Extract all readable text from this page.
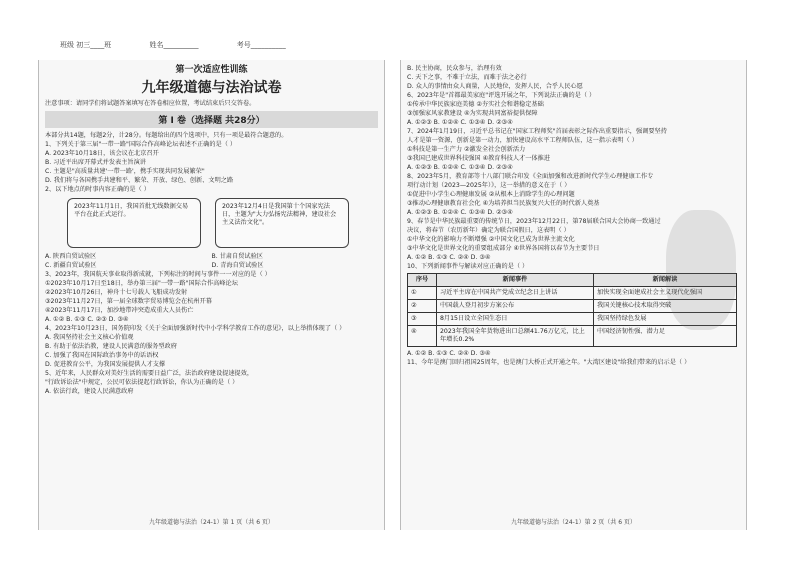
班级 初三____班	姓名__________	考号__________
第一次适应性训练
九年级道德与法治试卷
注意事项：请同学们将试题答案填写在答卷相应位置，考试结束后只交答卷。
第 Ⅰ 卷（选择题 共28分）
本部分共14题，每题2分，计28分。每题给出的四个选项中，只有一项是最符合题意的。
1、下列关于第三届"一带一路"国际合作高峰论坛表述不正确的是（ ）
A. 2023年10月18日，该会议在北京召开
B. 习近平出席开幕式并发表主旨演讲
C. 主题是"高质量共建'一带一路'，携手实现共同发展繁荣"
D. 我们将与各国携手共建和平、繁荣、开放、绿色、创新、文明之路
2、以下地点的时事内容正确的是（ ）
2023年11月1日，我国首批无线数据交易平台在此正式运行。
2023年12月4日是我国第十个国家宪法日，主题为"大力弘扬宪法精神，建设社会主义法治文化"。
A. 陕西自贸试验区	B. 甘肃自贸试验区
C. 新疆自贸试验区	D. 青海自贸试验区
3、2023年，我国航天事业取得新成就，下列标注的时间与事件一一对应的是（ ）
①2023年10月17日至18日，举办第三届"一带一路"国际合作高峰论坛
②2023年10月26日，神舟十七号载人飞船成功发射
③2023年11月27日，第一届全球数字贸易博览会在杭州开幕
④2023年11月17日，加沙地带冲突造成重大人员伤亡
A. ①② B. ①③ C. ②③ D. ③④
4、2023年10月23日，国务院印发《关于全面加强新时代中小学科学教育工作的意见》，以上举措体现了（ ）
A. 我国坚持社会主义核心价值观
B. 有助于依法治教，建设人民满意的服务型政府
C. 加强了我国在国际政治事务中的话语权
D. 促进教育公平，为我国发展提供人才支撑
5、近年来，人民群众对美好生活的需要日益广泛，法治政府建设提速提效，
"行政诉讼法"中规定，公民可依法提起行政诉讼，你认为正确的是（ ）
A. 依法行政，建设人民满意政府
九年级道德与法治（24-1）第 1 页（共 6 页）
B. 民主协商，民众参与，治理有效
C. 天下之事，不难于立法，而难于法之必行
D. 众人的事情由众人商量，人民地位，发挥人民，合乎人民心愿
6、2023年是"首都最美家庭"评选开展之年，下列说法正确的是（ ）
①传承中华民族家庭美德 ②夯实社会和谐稳定基础
③加强家风家教建设 ④为实现共同富裕提供保障
A. ①②③ B. ①②④ C. ①③④ D. ②③④
7、2024年1月19日，习近平总书记在"国家工程师奖"首届表彰之际作出重要指示，强调要坚持
人才是第一资源，创新是第一动力，加快建设高水平工程师队伍，这一指示表明（ ）
①科技是第一生产力 ②激发全社会创新活力
③我国已建成世界科技强国 ④教育科技人才一体推进
A. ①②③ B. ①②④ C. ①③④ D. ②③④
8、2023年5月，教育部等十八部门联合印发《全面加强和改进新时代学生心理健康工作专
项行动计划（2023—2025年）》，这一举措的意义在于（ ）
①促进中小学生心理健康发展 ②从根本上消除学生的心理问题
③推动心理健康教育社会化 ④为培养担当民族复兴大任的时代新人奠基
A. ①②③ B. ①②④ C. ①③④ D. ②③④
9、春节是中华民族最重要的传统节日，2023年12月22日，第78届联合国大会协商一致通过
决议，将春节（农历新年）确定为联合国假日，这表明（ ）
①中华文化的影响力不断增强 ②中国文化已成为世界主流文化
③中华文化是世界文化的重要组成部分 ④世界各国将以春节为主要节日
A. ①② B. ①③ C. ②④ D. ③④
10、下列新闻事件与解读对应正确的是（ ）
序号	新闻事件	新闻解读
①	习近平主席在中国共产党成立纪念日上讲话	加快实现全面建成社会主义现代化强国
②	中国载人登月初步方案公布	我国关键核心技术取得突破
③	8月15日设立全国生态日	我国坚持绿色发展
④	2023年我国全年货物进出口总额41.76万亿元，比上年增长0.2%	中国经济韧性强、潜力足
A. ①② B. ①③ C. ②④ D. ③④
11、今年是澳门回归祖国25周年，也是澳门大桥正式开通之年。"大湾区建设"给我们带来的启示是（ ）
九年级道德与法治（24-1）第 2 页（共 6 页）
